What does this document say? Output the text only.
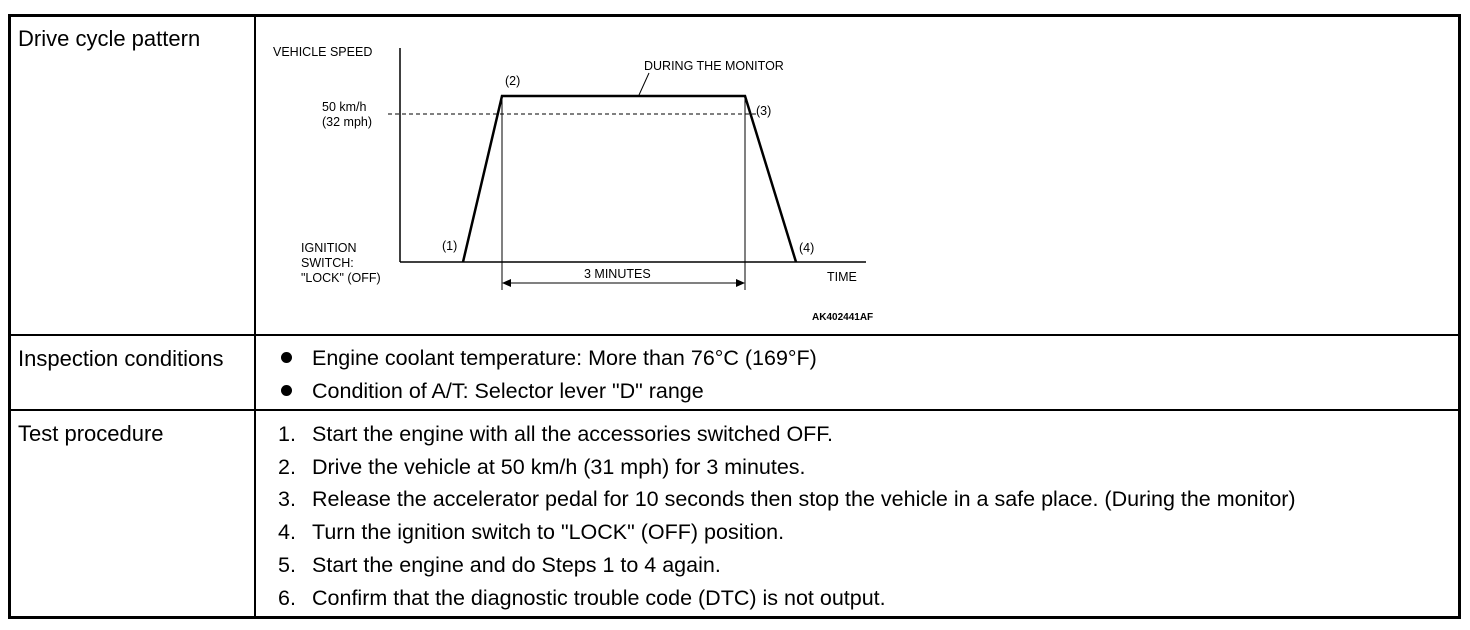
Drive cycle pattern
Inspection conditions
Test procedure
VEHICLE SPEED
50 km/h
(32 mph)
DURING THE MONITOR
(1)
(2)
(3)
(4)
IGNITION
SWITCH:
"LOCK" (OFF)	3 MINUTES	TIME
AK402441AF
Engine coolant temperature: More than 76°C (169°F)
Condition of A/T: Selector lever "D" range
1. Start the engine with all the accessories switched OFF.
2. Drive the vehicle at 50 km/h (31 mph) for 3 minutes.
3. Release the accelerator pedal for 10 seconds then stop the vehicle in a safe place. (During the monitor)
4. Turn the ignition switch to "LOCK" (OFF) position.
5. Start the engine and do Steps 1 to 4 again.
6. Confirm that the diagnostic trouble code (DTC) is not output.
